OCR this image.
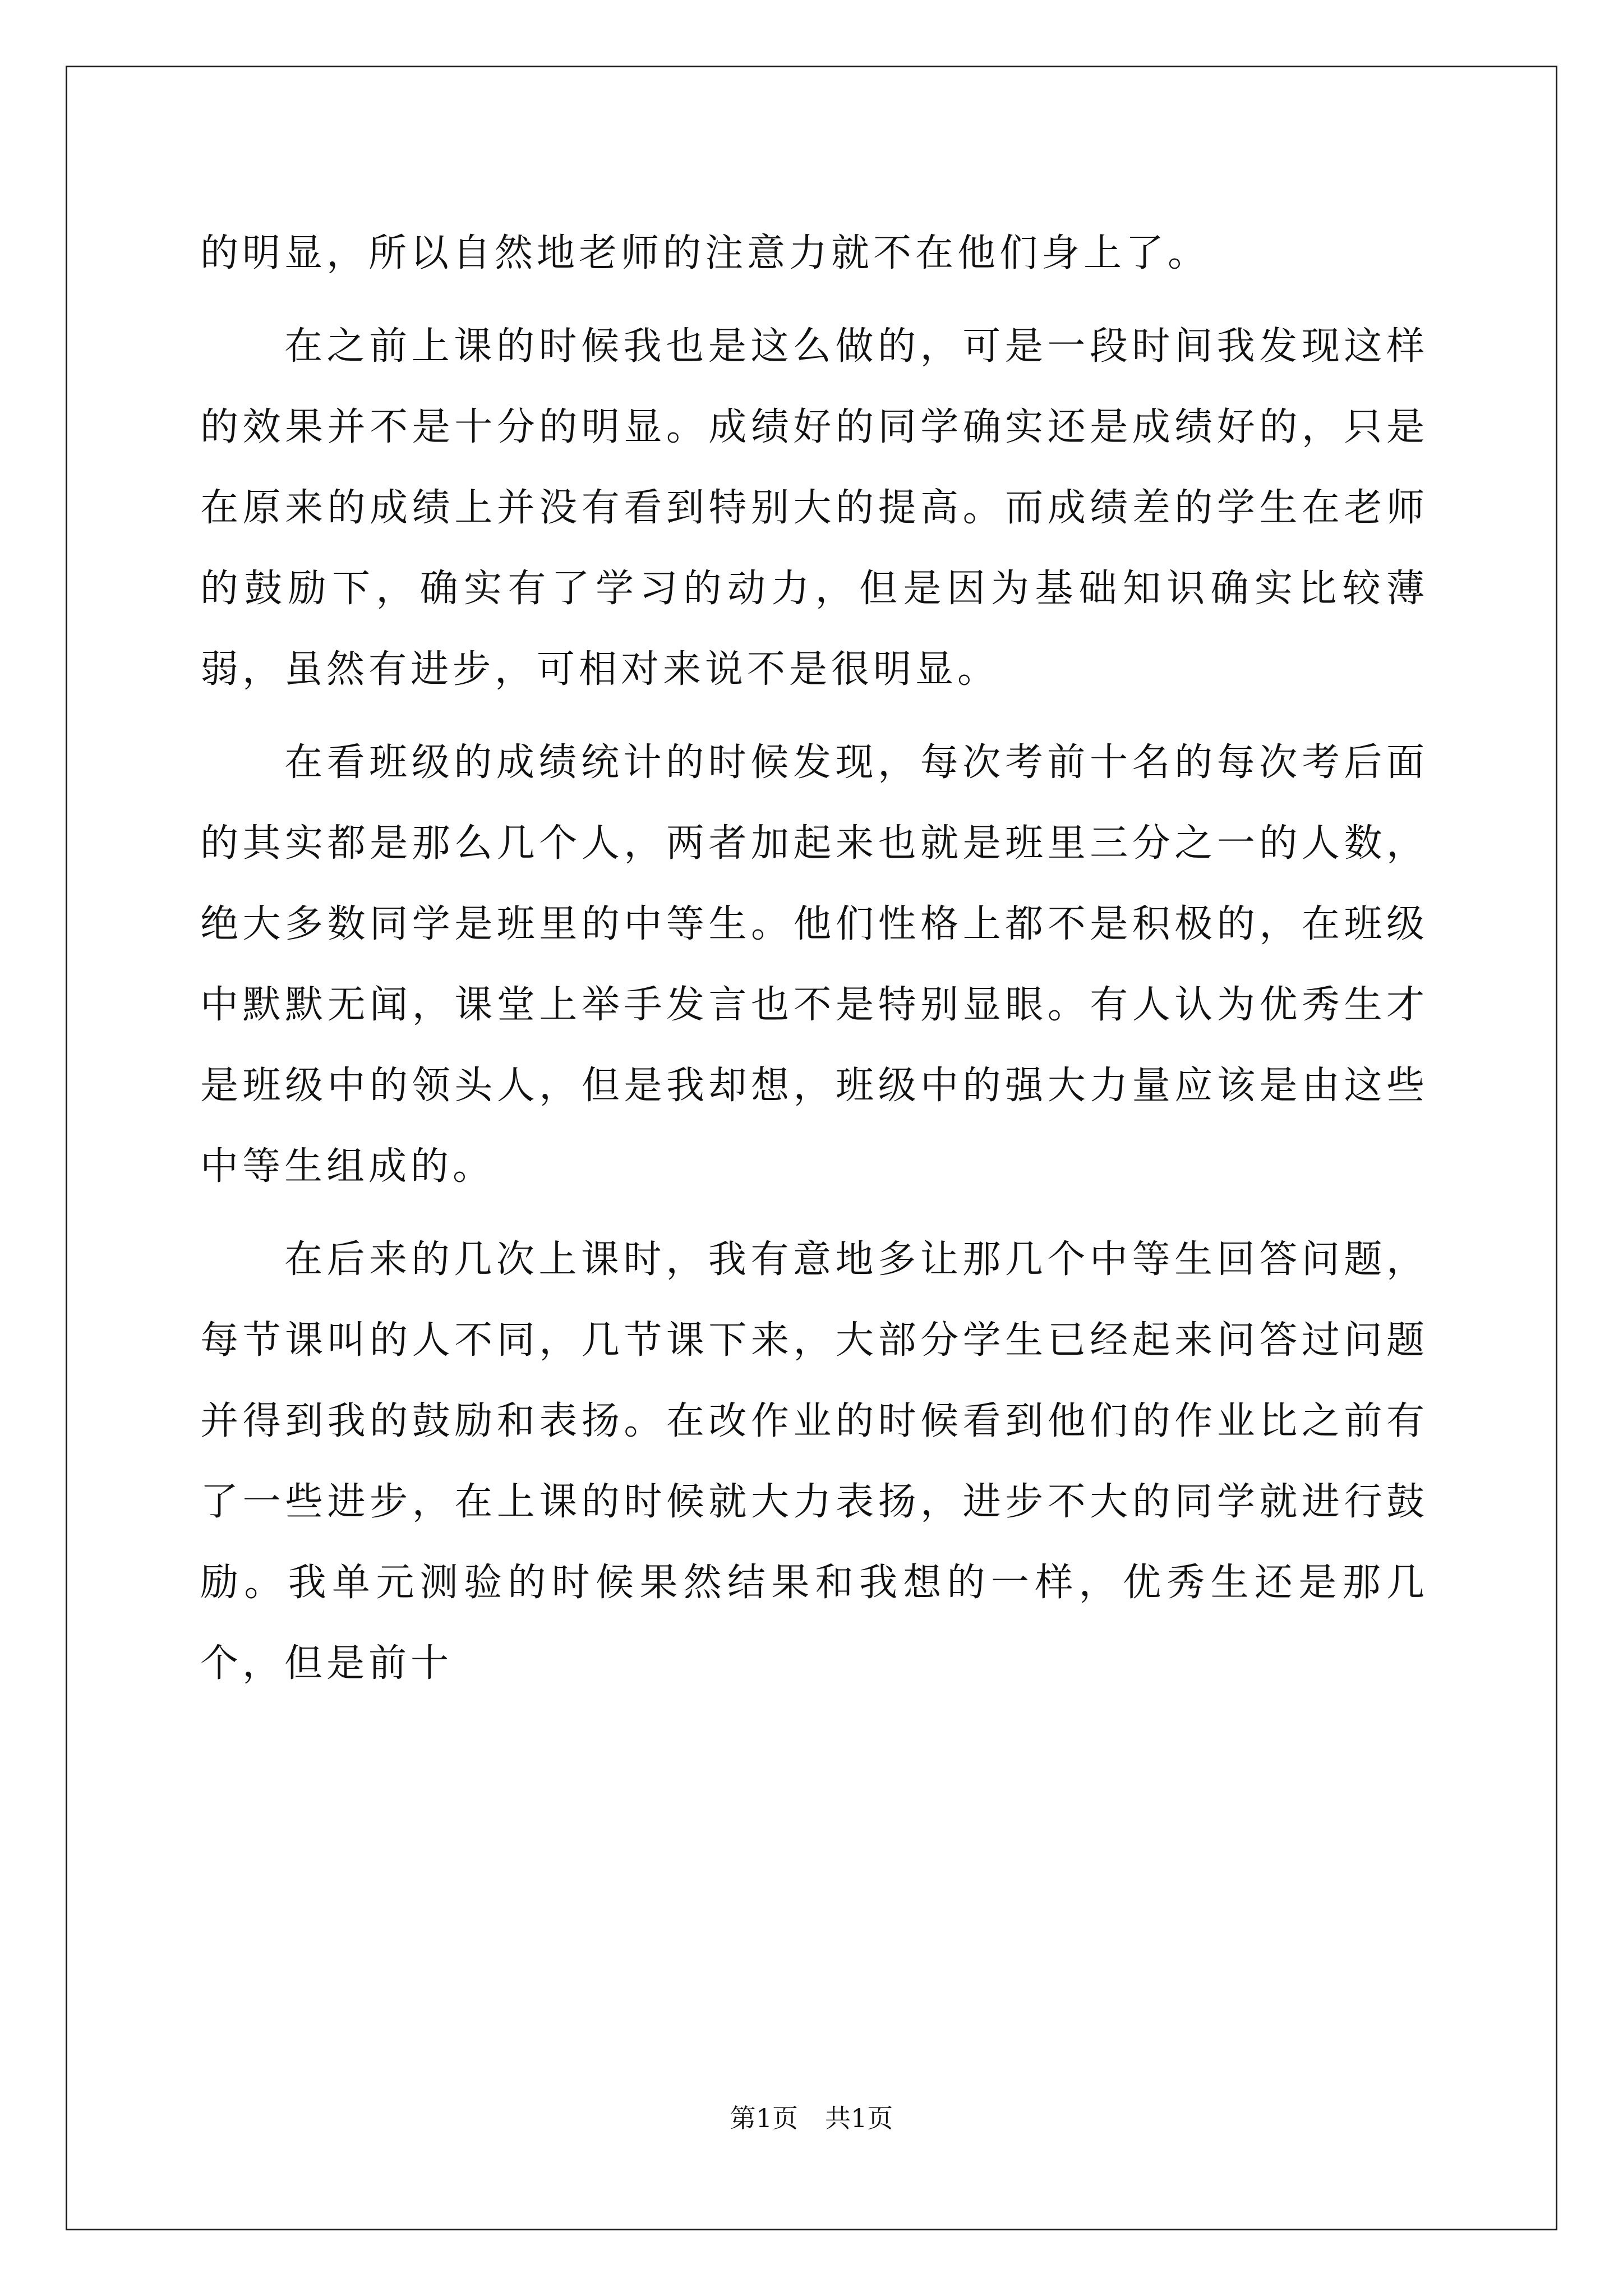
的明显，所以自然地老师的注意力就不在他们身上了。

在之前上课的时候我也是这么做的，可是一段时间我发现这样的效果并不是十分的明显。成绩好的同学确实还是成绩好的，只是在原来的成绩上并没有看到特别大的提高。而成绩差的学生在老师的鼓励下，确实有了学习的动力，但是因为基础知识确实比较薄弱，虽然有进步，可相对来说不是很明显。

在看班级的成绩统计的时候发现，每次考前十名的每次考后面的其实都是那么几个人，两者加起来也就是班里三分之一的人数，绝大多数同学是班里的中等生。他们性格上都不是积极的，在班级中默默无闻，课堂上举手发言也不是特别显眼。有人认为优秀生才是班级中的领头人，但是我却想，班级中的强大力量应该是由这些中等生组成的。

在后来的几次上课时，我有意地多让那几个中等生回答问题，每节课叫的人不同，几节课下来，大部分学生已经起来问答过问题并得到我的鼓励和表扬。在改作业的时候看到他们的作业比之前有了一些进步，在上课的时候就大力表扬，进步不大的同学就进行鼓励。我单元测验的时候果然结果和我想的一样，优秀生还是那几个，但是前十

第1页 共1页
